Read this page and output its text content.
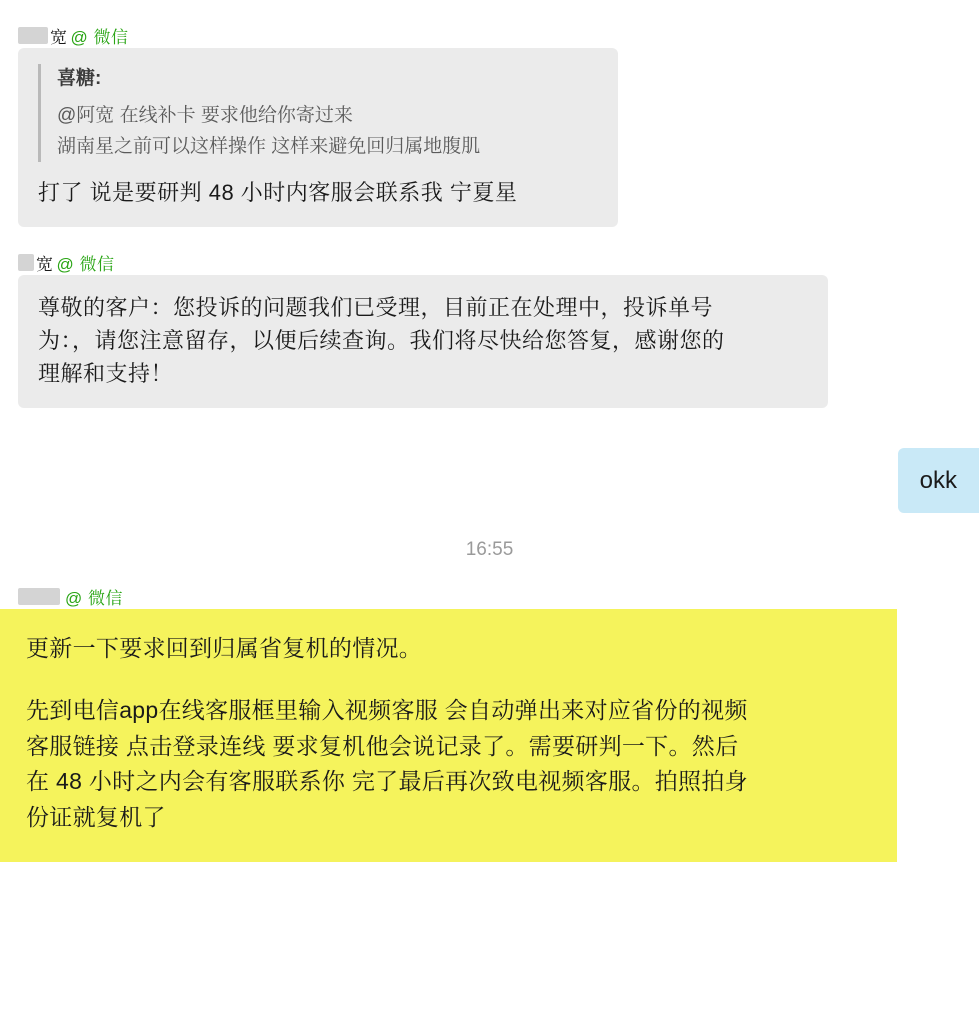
宽 @ 微信
喜糖:
@阿宽 在线补卡 要求他给你寄过来
湖南星之前可以这样操作 这样来避免回归属地腹肌
打了 说是要研判 48 小时内客服会联系我 宁夏星
宽 @ 微信
尊敬的客户：您投诉的问题我们已受理，目前正在处理中，投诉单号
为：，请您注意留存，以便后续查询。我们将尽快给您答复，感谢您的
理解和支持！
okk
16:55
@ 微信
更新一下要求回到归属省复机的情况。
先到电信app在线客服框里输入视频客服 会自动弹出来对应省份的视频
客服链接 点击登录连线 要求复机他会说记录了。需要研判一下。然后
在 48 小时之内会有客服联系你 完了最后再次致电视频客服。拍照拍身
份证就复机了
